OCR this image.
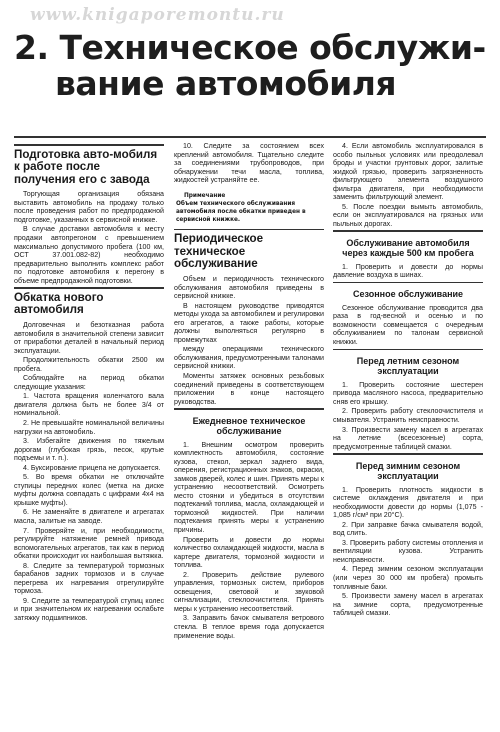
www.knigaporemontu.ru
2. Техническое обслужи-
вание автомобиля
Подготовка авто-мобиля к работе после получения его с завода

Торгующая организация обязана выставить автомобиль на продажу только после проведения работ по предпродажной подготовке, указанных в сервисной книжке.

В случае доставки автомобиля к месту продажи автопрегоном с превышением максимально допустимого пробега (100 км, ОСТ 37.001.082-82) необходимо предварительно выполнить комплекс работ по подготовке автомобиля к перегону в объеме предпродажной подготовки.

Обкатка нового автомобиля

Долговечная и безотказная работа автомобиля в значительной степени зависит от приработки деталей в начальный период эксплуатации.

Продолжительность обкатки 2500 км пробега.

Соблюдайте на период обкатки следующие указания:

1. Частота вращения коленчатого вала двигателя должна быть не более 3/4 от номинальной.

2. Не превышайте номинальной величины нагрузки на автомобиль.

3. Избегайте движения по тяжелым дорогам (глубокая грязь, песок, крутые подъемы и т. п.).

4. Буксирование прицепа не допускается.

5. Во время обкатки не отключайте ступицы передних колес (метка на диске муфты должна совпадать с цифрами 4х4 на крышке муфты).

6. Не заменяйте в двигателе и агрегатах масла, залитые на заводе.

7. Проверяйте и, при необходимости, регулируйте натяжение ремней привода вспомогательных агрегатов, так как в период обкатки происходит их наибольшая вытяжка.

8. Следите за температурой тормозных барабанов задних тормозов и в случае перегрева их нагревания отрегулируйте тормоза.

9. Следите за температурой ступиц колес и при значительном их нагревании ослабьте затяжку подшипников.

10. Следите за состоянием всех креплений автомобиля. Тщательно следите за соединениями трубопроводов, при обнаружении течи масла, топлива, жидкостей устраняйте ее.

Примечание
Объем технического обслуживания автомобиля после обкатки приведен в сервисной книжке.
Периодическое техническое обслуживание

Объем и периодичность технического обслуживания автомобиля приведены в сервисной книжке.

В настоящем руководстве приводятся методы ухода за автомобилем и регулировки его агрегатов, а также работы, которые должны выполняться регулярно в промежутках

между операциями технического обслуживания, предусмотренными талонами сервисной книжки.

Моменты затяжек основных резьбовых соединений приведены в соответствующем приложении в конце настоящего руководства.

Ежедневное техническое обслуживание

1. Внешним осмотром проверить комплектность автомобиля, состояние кузова, стекол, зеркал заднего вида, оперения, регистрационных знаков, окраски, замков дверей, колес и шин. Принять меры к устранению несоответствий. Осмотреть место стоянки и убедиться в отсутствии подтеканий топлива, масла, охлаждающей и тормозной жидкостей. При наличии подтекания принять меры к устранению причины.

Проверить и довести до нормы количество охлаждающей жидкости, масла в картере двигателя, тормозной жидкости и топлива.

2. Проверить действие рулевого управления, тормозных систем, приборов освещения, световой и звуковой сигнализации, стеклоочистителя. Принять меры к устранению несоответствий.

3. Заправить бачок смывателя ветрового стекла. В теплое время года допускается применение воды.

4. Если автомобиль эксплуатировался в особо пыльных условиях или преодолевал броды и участки грунтовых дорог, залитые жидкой грязью, проверить загрязненность фильтрующего элемента воздушного фильтра двигателя, при необходимости заменить фильтрующий элемент.

5. После поездки вымыть автомобиль, если он эксплуатировался на грязных или пыльных дорогах.

Обслуживание автомобиля через каждые 500 км пробега

1. Проверить и довести до нормы давление воздуха в шинах.

Сезонное обслуживание

Сезонное обслуживание проводится два раза в год-весной и осенью и по возможности совмещается с очередным обслуживанием по талонам сервисной книжки.

Перед летним сезоном эксплуатации

1. Проверить состояние шестерен привода масляного насоса, предварительно сняв его крышку.

2. Проверить работу стеклоочистителя и смывателя. Устранить неисправности.

3. Произвести замену масел в агрегатах на летние (всесезонные) сорта, предусмотренные таблицей смазки.

Перед зимним сезоном эксплуатации

1. Проверить плотность жидкости в системе охлаждения двигателя и при необходимости довести до нормы (1,075 - 1,085 г/см³ при 20°С).

2. При заправке бачка смывателя водой, вод слить.

3. Проверить работу системы отопления и вентиляции кузова. Устранить неисправности.

4. Перед зимним сезоном эксплуатации (или через 30 000 км пробега) промыть топливные баки.

5. Произвести замену масел в агрегатах на зимние сорта, предусмотренные таблицей смазки.
